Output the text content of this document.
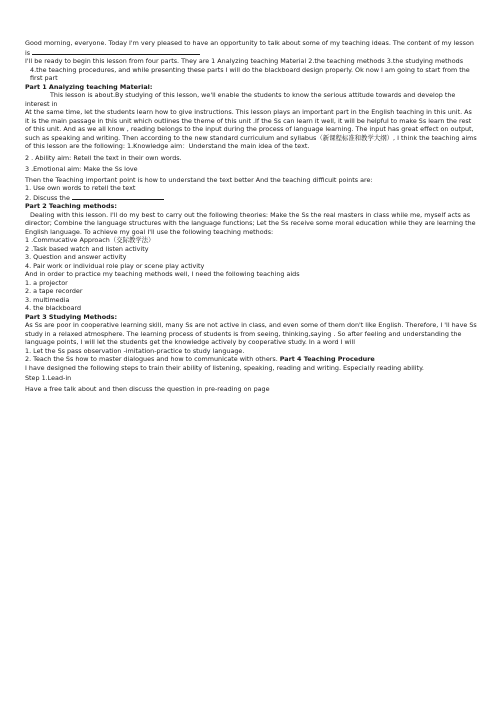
Good morning, everyone. Today I'm very pleased to have an opportunity to talk about some of my teaching ideas. The content of my lesson is

I'll be ready to begin this lesson from four parts. They are 1 Analyzing teaching Material 2.the teaching methods 3.the studying methods 4.the teaching procedures, and while presenting these parts I will do the blackboard design properly. Ok now I am going to start from the first part

Part 1 Analyzing teaching Material:

This lesson is about.By studying of this lesson, we'll enable the students to know the serious attitude towards and develop the interest in

At the same time, let the students learn how to give instructions. This lesson plays an important part in the English teaching in this unit. As it is the main passage in this unit which outlines the theme of this unit .If the Ss can learn it well, it will be helpful to make Ss learn the rest of this unit. And as we all know , reading belongs to the input during the process of language learning. The input has great effect on output, such as speaking and writing. Then according to the new standard curriculum and syllabus（新课程标准和教学大纲）, I think the teaching aims of this lesson are the following: 1.Knowledge aim：Understand the main idea of the text.

2 . Ability aim: Retell the text in their own words.

3 .Emotional aim: Make the Ss love

Then the Teaching important point is how to understand the text better And the teaching difficult points are:

1. Use own words to retell the text

2. Discuss the

Part 2 Teaching methods:

Dealing with this lesson. I'll do my best to carry out the following theories: Make the Ss the real masters in class while me, myself acts as director; Combine the language structures with the language functions; Let the Ss receive some moral education while they are learning the English language. To achieve my goal I'll use the following teaching methods:

1 .Commucative Approach（交际教学法）

2 .Task based watch and listen activity

3. Question and answer activity

4. Pair work or individual role play or scene play activity

And in order to practice my teaching methods well, I need the following teaching aids

1. a projector

2. a tape recorder

3. multimedia

4. the blackboard

Part 3 Studying Methods:

As Ss are poor in cooperative learning skill, many Ss are not active in class, and even some of them don't like English. Therefore, I 'll have Ss study in a relaxed atmosphere. The learning process of students is from seeing, thinking,saying . So after feeling and understanding the language points, I will let the students get the knowledge actively by cooperative study. In a word I will

1. Let the Ss pass observation -imitation-practice to study language.

2. Teach the Ss how to master dialogues and how to communicate with others. Part 4 Teaching Procedure

I have designed the following steps to train their ability of listening, speaking, reading and writing. Especially reading ability.

Step 1.Lead-in

Have a free talk about and then discuss the question in pre-reading on page
